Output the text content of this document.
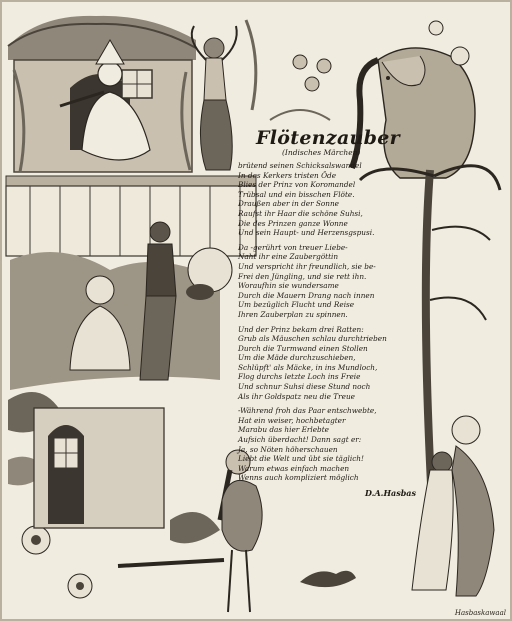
Flötenzauber
(Indisches Märchen)
brütend seinen Schicksalswandel
In des Kerkers tristen Öde
Blies der Prinz von Koromandel
Trübsal und ein bisschen Flöte.
Draußen aber in der Sonne
Raufst ihr Haar die schöne Suhsi,
Die des Prinzen ganze Wonne
Und sein Haupt- und Herzensgspusi.
Da -gerührt von treuer Liebe-
Naht ihr eine Zaubergöttin
Und verspricht ihr freundlich, sie be-
Frei den Jüngling, und sie rett ihn.
Woraufhin sie wundersame
Durch die Mauern Drang nach innen
Um bezüglich Flucht und Reise
Ihren Zauberplan zu spinnen.
Und der Prinz bekam drei Ratten:
Grub als Mäuschen schlau durchtrieben
Durch die Turmwand einen Stollen
Um die Mäde durchzuschieben,
Schlüpft' als Mäcke, in ins Mundloch,
Flog durchs letzte Loch ins Freie
Und schnur Suhsi diese Stund noch
Als ihr Goldspatz neu die Treue
-Während froh das Paar entschwebte,
Hat ein weiser, hochbetagter
Marabu das hier Erlebte
Aufsich überdacht! Dann sagt er:
Ja, so Nöten höherschauen
Liebt die Welt und übt sie täglich!
Warum etwas einfach machen
Wenns auch kompliziert möglich
D.A.Hasbas
Hasbaskawaal
